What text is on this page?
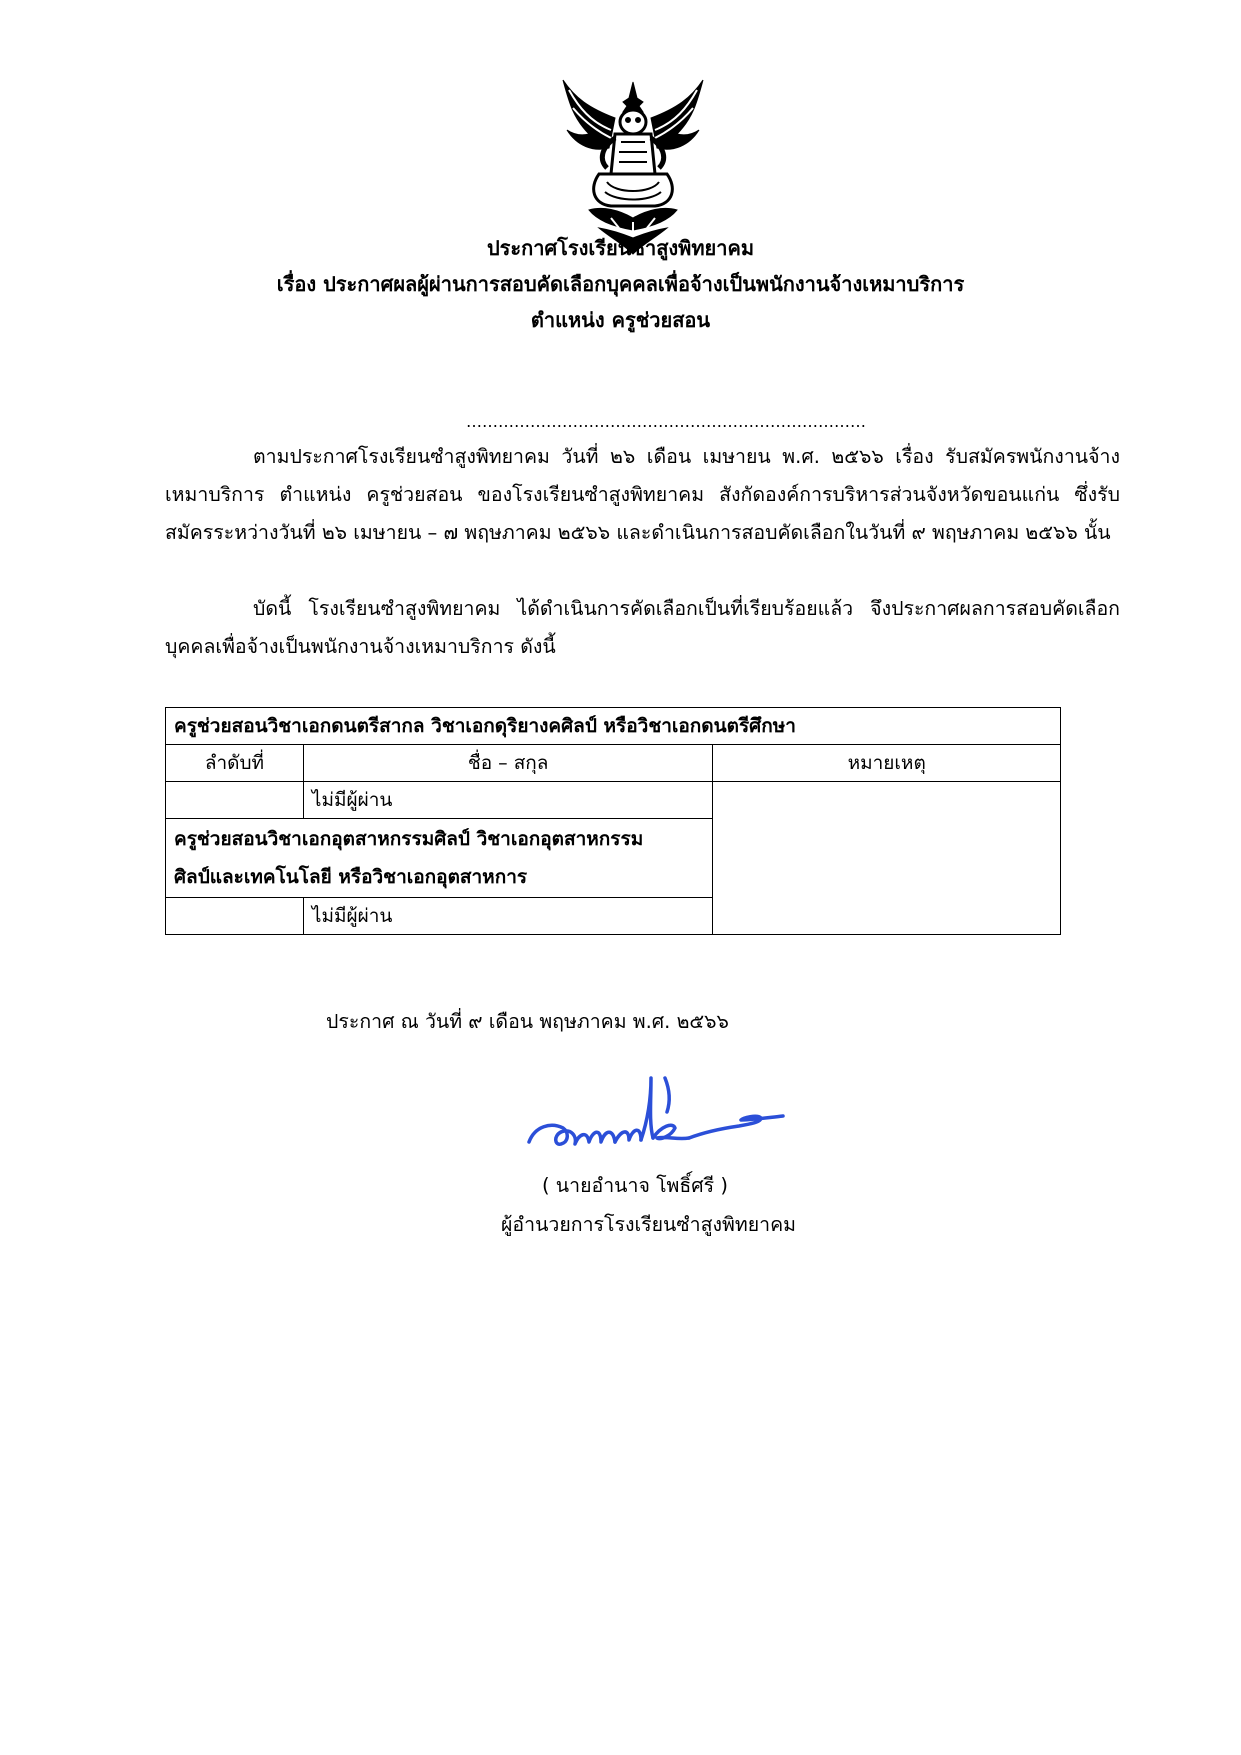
ประกาศโรงเรียนซำสูงพิทยาคม
เรื่อง ประกาศผลผู้ผ่านการสอบคัดเลือกบุคคลเพื่อจ้างเป็นพนักงานจ้างเหมาบริการ
ตำแหน่ง ครูช่วยสอน
…………………………………………………………………
ตามประกาศโรงเรียนซำสูงพิทยาคม วันที่ ๒๖ เดือน เมษายน พ.ศ. ๒๕๖๖ เรื่อง รับสมัครพนักงานจ้างเหมาบริการ ตำแหน่ง ครูช่วยสอน ของโรงเรียนซำสูงพิทยาคม สังกัดองค์การบริหารส่วนจังหวัดขอนแก่น ซึ่งรับสมัครระหว่างวันที่ ๒๖ เมษายน – ๗ พฤษภาคม ๒๕๖๖ และดำเนินการสอบคัดเลือกในวันที่ ๙ พฤษภาคม ๒๕๖๖ นั้น
บัดนี้ โรงเรียนซำสูงพิทยาคม ได้ดำเนินการคัดเลือกเป็นที่เรียบร้อยแล้ว จึงประกาศผลการสอบคัดเลือกบุคคลเพื่อจ้างเป็นพนักงานจ้างเหมาบริการ ดังนี้
ครูช่วยสอนวิชาเอกดนตรีสากล วิชาเอกดุริยางคศิลป์ หรือวิชาเอกดนตรีศึกษา		
ลำดับที่	ชื่อ – สกุล	หมายเหตุ
	ไม่มีผู้ผ่าน	
ครูช่วยสอนวิชาเอกอุตสาหกรรมศิลป์ วิชาเอกอุตสาหกรรม
ศิลป์และเทคโนโลยี หรือวิชาเอกอุตสาหการ		
	ไม่มีผู้ผ่าน	
ประกาศ ณ วันที่ ๙ เดือน พฤษภาคม พ.ศ. ๒๕๖๖
( นายอำนาจ โพธิ์ศรี )
ผู้อำนวยการโรงเรียนซำสูงพิทยาคม
